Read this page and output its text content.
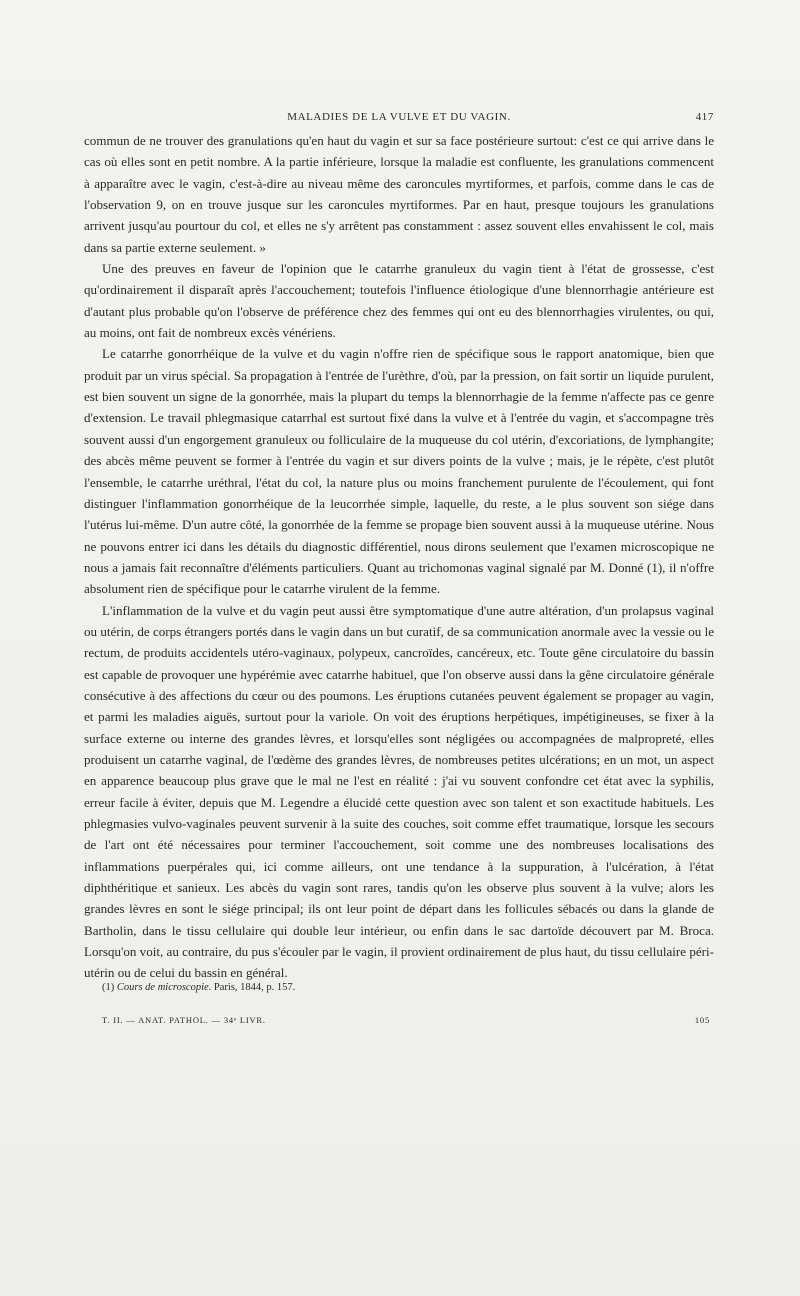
MALADIES DE LA VULVE ET DU VAGIN.	417

commun de ne trouver des granulations qu'en haut du vagin et sur sa face postérieure surtout: c'est ce qui arrive dans le cas où elles sont en petit nombre. A la partie inférieure, lorsque la maladie est confluente, les granulations commencent à apparaître avec le vagin, c'est-à-dire au niveau même des caroncules myrtiformes, et parfois, comme dans le cas de l'observation 9, on en trouve jusque sur les caroncules myrtiformes. Par en haut, presque toujours les granulations arrivent jusqu'au pourtour du col, et elles ne s'y arrêtent pas constamment : assez souvent elles envahissent le col, mais dans sa partie externe seulement. »

Une des preuves en faveur de l'opinion que le catarrhe granuleux du vagin tient à l'état de grossesse, c'est qu'ordinairement il disparaît après l'accouchement; toutefois l'influence étiologique d'une blennorrhagie antérieure est d'autant plus probable qu'on l'observe de préférence chez des femmes qui ont eu des blennorrhagies virulentes, ou qui, au moins, ont fait de nombreux excès vénériens.

Le catarrhe gonorrhéique de la vulve et du vagin n'offre rien de spécifique sous le rapport anatomique, bien que produit par un virus spécial. Sa propagation à l'entrée de l'urèthre, d'où, par la pression, on fait sortir un liquide purulent, est bien souvent un signe de la gonorrhée, mais la plupart du temps la blennorrhagie de la femme n'affecte pas ce genre d'extension. Le travail phlegmasique catarrhal est surtout fixé dans la vulve et à l'entrée du vagin, et s'accompagne très souvent aussi d'un engorgement granuleux ou folliculaire de la muqueuse du col utérin, d'excoriations, de lymphangite; des abcès même peuvent se former à l'entrée du vagin et sur divers points de la vulve ; mais, je le répète, c'est plutôt l'ensemble, le catarrhe uréthral, l'état du col, la nature plus ou moins franchement purulente de l'écoulement, qui font distinguer l'inflammation gonorrhéique de la leucorrhée simple, laquelle, du reste, a le plus souvent son siége dans l'utérus lui-même. D'un autre côté, la gonorrhée de la femme se propage bien souvent aussi à la muqueuse utérine. Nous ne pouvons entrer ici dans les détails du diagnostic différentiel, nous dirons seulement que l'examen microscopique ne nous a jamais fait reconnaître d'éléments particuliers. Quant au trichomonas vaginal signalé par M. Donné (1), il n'offre absolument rien de spécifique pour le catarrhe virulent de la femme.

L'inflammation de la vulve et du vagin peut aussi être symptomatique d'une autre altération, d'un prolapsus vaginal ou utérin, de corps étrangers portés dans le vagin dans un but curatif, de sa communication anormale avec la vessie ou le rectum, de produits accidentels utéro-vaginaux, polypeux, cancroïdes, cancéreux, etc. Toute gêne circulatoire du bassin est capable de provoquer une hypérémie avec catarrhe habituel, que l'on observe aussi dans la gêne circulatoire générale consécutive à des affections du cœur ou des poumons. Les éruptions cutanées peuvent également se propager au vagin, et parmi les maladies aiguës, surtout pour la variole. On voit des éruptions herpétiques, impétigineuses, se fixer à la surface externe ou interne des grandes lèvres, et lorsqu'elles sont négligées ou accompagnées de malpropreté, elles produisent un catarrhe vaginal, de l'œdème des grandes lèvres, de nombreuses petites ulcérations; en un mot, un aspect en apparence beaucoup plus grave que le mal ne l'est en réalité : j'ai vu souvent confondre cet état avec la syphilis, erreur facile à éviter, depuis que M. Legendre a élucidé cette question avec son talent et son exactitude habituels. Les phlegmasies vulvo-vaginales peuvent survenir à la suite des couches, soit comme effet traumatique, lorsque les secours de l'art ont été nécessaires pour terminer l'accouchement, soit comme une des nombreuses localisations des inflammations puerpérales qui, ici comme ailleurs, ont une tendance à la suppuration, à l'ulcération, à l'état diphthéritique et sanieux. Les abcès du vagin sont rares, tandis qu'on les observe plus souvent à la vulve; alors les grandes lèvres en sont le siége principal; ils ont leur point de départ dans les follicules sébacés ou dans la glande de Bartholin, dans le tissu cellulaire qui double leur intérieur, ou enfin dans le sac dartoïde découvert par M. Broca. Lorsqu'on voit, au contraire, du pus s'écouler par le vagin, il provient ordinairement de plus haut, du tissu cellulaire péri-utérin ou de celui du bassin en général.

(1) Cours de microscopie. Paris, 1844, p. 157.
T. II. — ANAT. PATHOL. — 34ᵉ LIVR.	105
